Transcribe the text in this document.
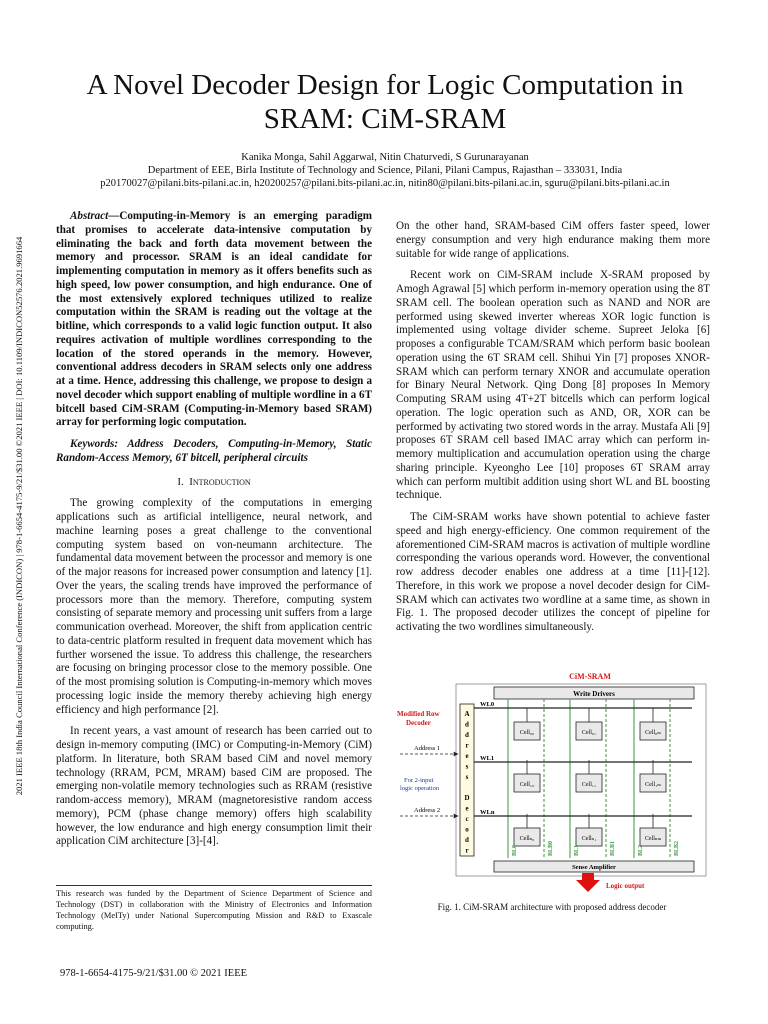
A Novel Decoder Design for Logic Computation in SRAM: CiM-SRAM
Kanika Monga, Sahil Aggarwal, Nitin Chaturvedi, S Gurunarayanan
Department of EEE, Birla Institute of Technology and Science, Pilani, Pilani Campus, Rajasthan – 333031, India
p20170027@pilani.bits-pilani.ac.in, h20200257@pilani.bits-pilani.ac.in, nitin80@pilani.bits-pilani.ac.in, sguru@pilani.bits-pilani.ac.in
2021 IEEE 18th India Council International Conference (INDICON) | 978-1-6654-4175-9/21/$31.00 ©2021 IEEE | DOI: 10.1109/INDICON52576.2021.9691664

Abstract—Computing-in-Memory is an emerging paradigm that promises to accelerate data-intensive computation by eliminating the back and forth data movement between the memory and processor. SRAM is an ideal candidate for implementing computation in memory as it offers benefits such as high speed, low power consumption, and high endurance. One of the most extensively explored techniques utilized to realize computation within the SRAM is reading out the voltage at the bitline, which corresponds to a valid logic function output. It also requires activation of multiple wordlines corresponding to the location of the stored operands in the memory. However, conventional address decoders in SRAM selects only one address at a time. Hence, addressing this challenge, we propose to design a novel decoder which support enabling of multiple wordline in a 6T bitcell based CiM-SRAM (Computing-in-Memory based SRAM) array for performing logic computation.

Keywords: Address Decoders, Computing-in-Memory, Static Random-Access Memory, 6T bitcell, peripheral circuits

I. Introduction

The growing complexity of the computations in emerging applications such as artificial intelligence, neural network, and machine learning poses a great challenge to the conventional computing system based on von-neumann architecture. The fundamental data movement between the processor and memory is one of the major reasons for increased power consumption and latency [1]. Over the years, the scaling trends have improved the performance of processors more than the memory. Therefore, computing system consisting of separate memory and processing unit suffers from a large communication overhead. Moreover, the shift from application centric to data-centric platform resulted in frequent data movement which has further worsened the issue. To address this challenge, the researchers are focusing on bringing processor close to the memory possible. One of the most promising solution is Computing-in-memory which moves processing logic inside the memory thereby achieving high energy efficiency and high performance [2].

In recent years, a vast amount of research has been carried out to design in-memory computing (IMC) or Computing-in-Memory (CiM) platform. In literature, both SRAM based CiM and novel memory technology (RRAM, PCM, MRAM) based CiM are proposed. The emerging non-volatile memory technologies such as RRAM (resistive random-access memory), MRAM (magnetoresistive random access memory), PCM (phase change memory) offers high scalability however, the low endurance and high energy consumption limit their application CiM architecture [3]-[4].

On the other hand, SRAM-based CiM offers faster speed, lower energy consumption and very high endurance making them more suitable for wide range of applications.

Recent work on CiM-SRAM include X-SRAM proposed by Amogh Agrawal [5] which perform in-memory operation using the 8T SRAM cell. The boolean operation such as NAND and NOR are performed using skewed inverter whereas XOR logic function is implemented using voltage divider scheme. Supreet Jeloka [6] proposes a configurable TCAM/SRAM which perform basic boolean operation using the 6T SRAM cell. Shihui Yin [7] proposes XNOR-SRAM which can perform ternary XNOR and accumulate operation for Binary Neural Network. Qing Dong [8] proposes In Memory Computing SRAM using 4T+2T bitcells which can perform logical operation. The logic operation such as AND, OR, XOR can be performed by activating two stored words in the array. Mustafa Ali [9] proposes 6T SRAM cell based IMAC array which can perform in-memory multiplication and accumulation operation using the charge sharing principle. Kyeongho Lee [10] proposes 6T SRAM array which can perform multibit addition using short WL and BL boosting technique.

The CiM-SRAM works have shown potential to achieve faster speed and high energy-efficiency. One common requirement of the aforementioned CiM-SRAM macros is activation of multiple wordline corresponding the various operands word. However, the conventional row address decoder enables one address at a time [11]-[12]. Therefore, in this work we propose a novel decoder design for CiM-SRAM which can activates two wordline at a same time, as shown in Fig. 1. The proposed decoder utilizes the concept of pipeline for activating the two wordlines simultaneously.

CiM-SRAM
Write Drivers
A
d
d
r
e
s
s
D
e
c
o
d
r
WL0
WL1
WLn
Cell₀₀	Cell₀₁	Cell₀ₘ
Cell₁₀	Cell₁₁	Cell₁ₘ
Cellₙ₀	Cellₙ₁	Cellₙₘ
BL0	BLB0	BL1	BLB1	BL2	BLB2
Sense Amplifier
Logic output
Modified Row Decoder
Address 1
For 2-input logic operation
Address 2
Fig. 1. CiM-SRAM architecture with proposed address decoder
This research was funded by the Department of Science Department of Science and Technology (DST) in collaboration with the Ministry of Electronics and Information Technology (MeITy) under National Supercomputing Mission and R&D to Exascale computing.
978-1-6654-4175-9/21/$31.00 © 2021 IEEE
